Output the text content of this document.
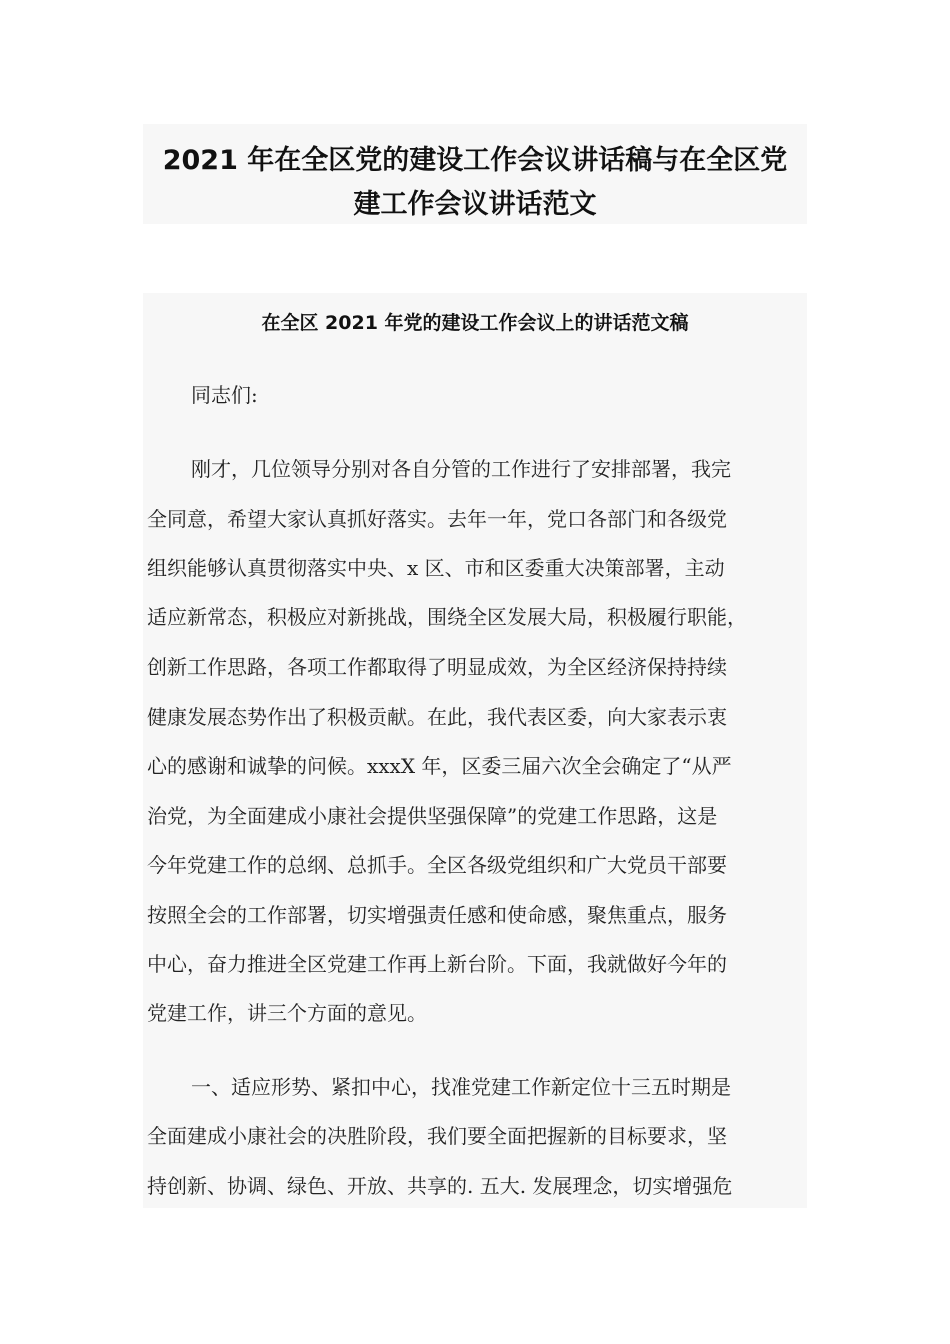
2021 年在全区党的建设工作会议讲话稿与在全区党
建工作会议讲话范文
在全区 2021 年党的建设工作会议上的讲话范文稿
同志们:
刚才，几位领导分别对各自分管的工作进行了安排部署，我完
全同意，希望大家认真抓好落实。去年一年，党口各部门和各级党
组织能够认真贯彻落实中央、x 区、市和区委重大决策部署，主动
适应新常态，积极应对新挑战，围绕全区发展大局，积极履行职能，
创新工作思路，各项工作都取得了明显成效，为全区经济保持持续
健康发展态势作出了积极贡献。在此，我代表区委，向大家表示衷
心的感谢和诚挚的问候。xxxX 年，区委三届六次全会确定了“从严
治党，为全面建成小康社会提供坚强保障”的党建工作思路，这是
今年党建工作的总纲、总抓手。全区各级党组织和广大党员干部要
按照全会的工作部署，切实增强责任感和使命感，聚焦重点，服务
中心，奋力推进全区党建工作再上新台阶。下面，我就做好今年的
党建工作，讲三个方面的意见。
一、适应形势、紧扣中心，找准党建工作新定位十三五时期是
全面建成小康社会的决胜阶段，我们要全面把握新的目标要求，坚
持创新、协调、绿色、开放、共享的. 五大. 发展理念，切实增强危
